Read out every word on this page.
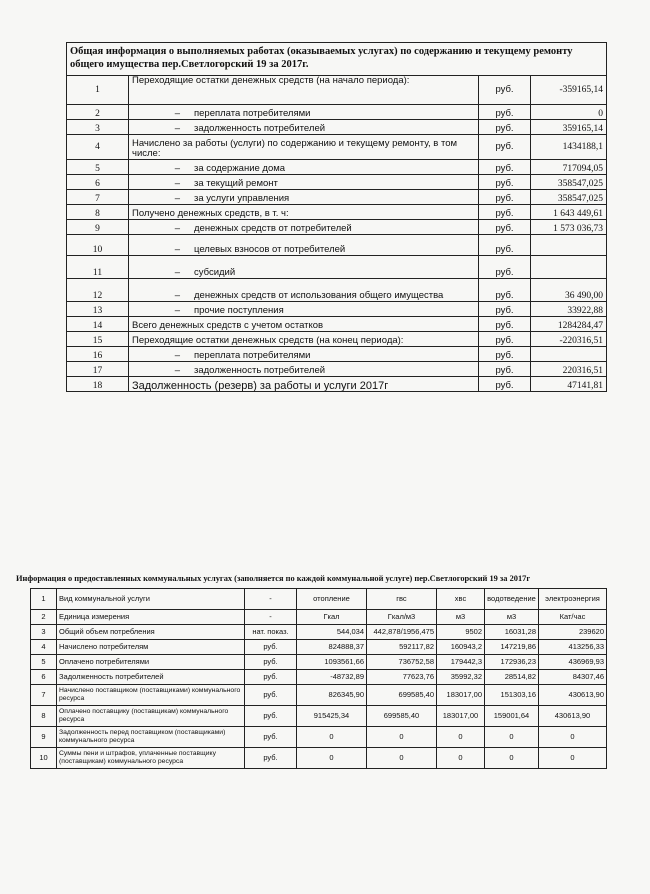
Общая информация о выполняемых работах (оказываемых услугах) по содержанию и текущему ремонту общего имущества пер.Светлогорский 19 за 2017г.			
1	Переходящие остатки денежных средств (на начало периода):	руб.	-359165,14
2	– переплата потребителями	руб.	0
3	– задолженность потребителей	руб.	359165,14
4	Начислено за работы (услуги) по содержанию и текущему ремонту, в том числе:	руб.	1434188,1
5	– за содержание дома	руб.	717094,05
6	– за текущий ремонт	руб.	358547,025
7	– за услуги управления	руб.	358547,025
8	Получено денежных средств, в т. ч:	руб.	1 643 449,61
9	– денежных средств от потребителей	руб.	1 573 036,73
10	– целевых взносов от потребителей	руб.	
11	– субсидий	руб.	
12	– денежных средств от использования общего имущества	руб.	36 490,00
13	– прочие поступления	руб.	33922,88
14	Всего денежных средств с учетом остатков	руб.	1284284,47
15	Переходящие остатки денежных средств (на конец периода):	руб.	-220316,51
16	– переплата потребителями	руб.	
17	– задолженность потребителей	руб.	220316,51
18	Задолженность (резерв) за работы и услуги 2017г	руб.	47141,81
Информация о предоставленных коммунальных услугах (заполняется по каждой коммунальной услуге) пер.Светлогорский 19 за 2017г
1	Вид коммунальной услуги	-	отопление	гвс	хвс	водотведение	электроэнергия
2	Единица измерения	-	Гкал	Гкал/м3	м3	м3	Кат/час
3	Общий объем потребления	нат. показ.	544,034	442,878/1956,475	9502	16031,28	239620
4	Начислено потребителям	руб.	824888,37	592117,82	160943,2	147219,86	413256,33
5	Оплачено потребителями	руб.	1093561,66	736752,58	179442,3	172936,23	436969,93
6	Задолженность потребителей	руб.	-48732,89	77623,76	35992,32	28514,82	84307,46
7	Начислено поставщиком (поставщиками) коммунального ресурса	руб.	826345,90	699585,40	183017,00	151303,16	430613,90
8	Оплачено поставщику (поставщикам) коммунального ресурса	руб.	915425,34	699585,40	183017,00	159001,64	430613,90
9	Задолженность перед поставщиком (поставщиками) коммунального ресурса	руб.	0	0	0	0	0
10	Суммы пени и штрафов, уплаченные поставщику (поставщикам) коммунального ресурса	руб.	0	0	0	0	0
